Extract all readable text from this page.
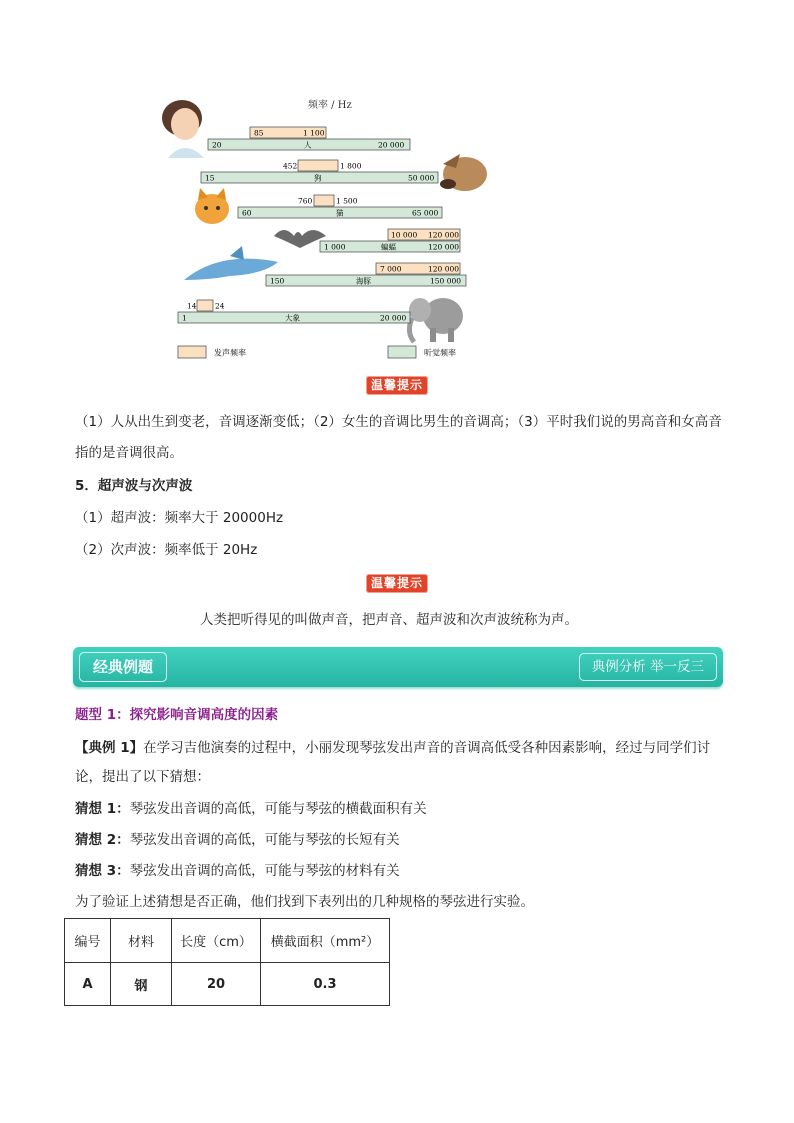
频率 / Hz
85	1 100
20	人	20 000
452	1 800
15	狗	50 000
760	1 500
60	猫	65 000
10 000 120 000
1 000	蝙蝠	120 000
7 000	120 000
150	海豚	150 000
14 24
1	大象	20 000
发声频率	听觉频率
温馨提示
（1）人从出生到变老，音调逐渐变低；（2）女生的音调比男生的音调高；（3）平时我们说的男高音和女高音指的是音调很高。
5．超声波与次声波
（1）超声波：频率大于 20000Hz
（2）次声波：频率低于 20Hz
温馨提示
人类把听得见的叫做声音，把声音、超声波和次声波统称为声。
经典例题	典例分析 举一反三
题型 1：探究影响音调高度的因素
【典例 1】在学习吉他演奏的过程中，小丽发现琴弦发出声音的音调高低受各种因素影响，经过与同学们讨论，提出了以下猜想：
猜想 1：琴弦发出音调的高低，可能与琴弦的横截面积有关
猜想 2：琴弦发出音调的高低，可能与琴弦的长短有关
猜想 3：琴弦发出音调的高低，可能与琴弦的材料有关
为了验证上述猜想是否正确，他们找到下表列出的几种规格的琴弦进行实验。
编号	材料	长度（cm）	横截面积（mm²）
A	钢	20	0.3
